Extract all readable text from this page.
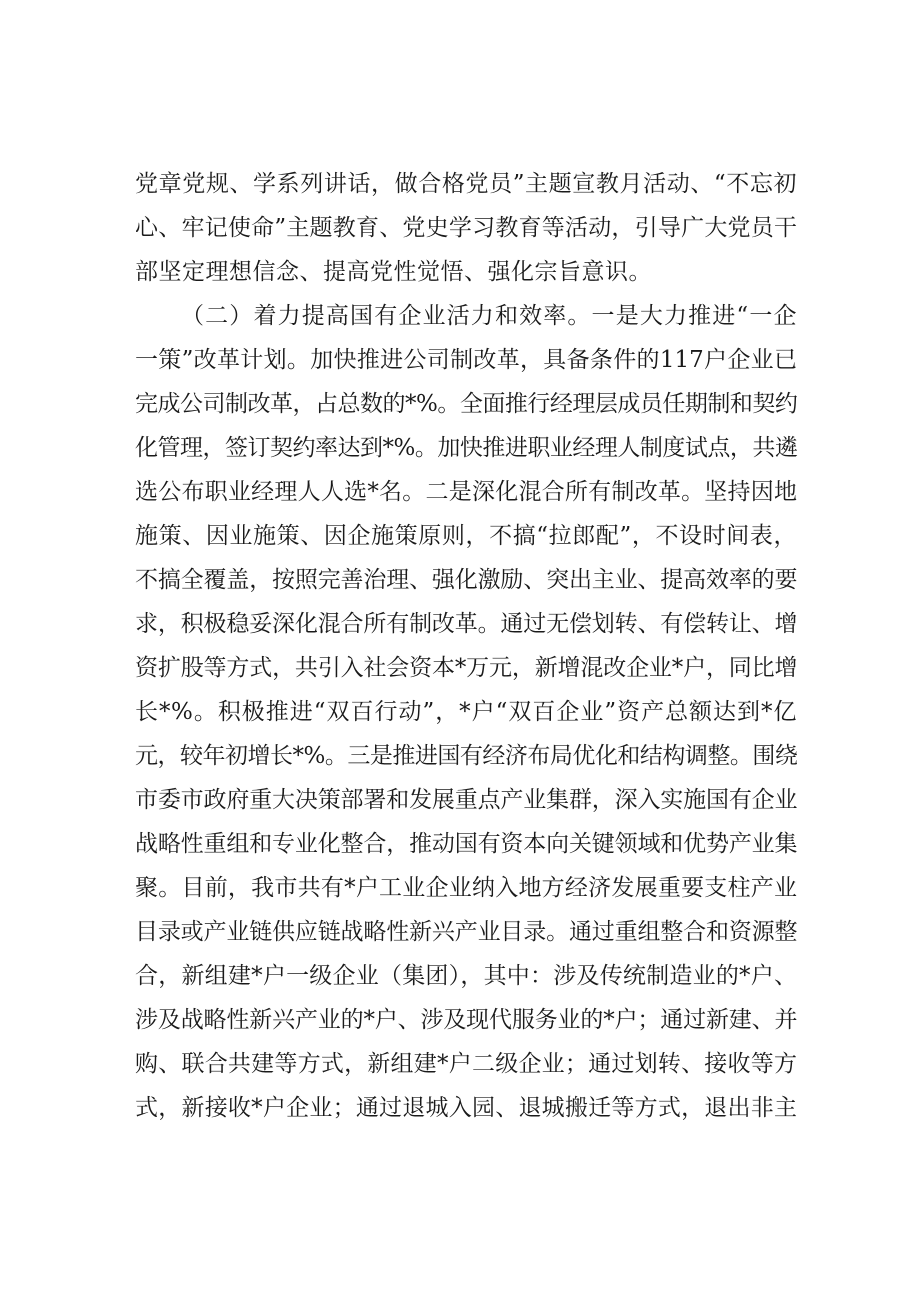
党章党规、学系列讲话，做合格党员”主题宣教月活动、“不忘初
心、牢记使命”主题教育、党史学习教育等活动，引导广大党员干
部坚定理想信念、提高党性觉悟、强化宗旨意识。
（二）着力提高国有企业活力和效率。一是大力推进“一企
一策”改革计划。加快推进公司制改革，具备条件的117户企业已
完成公司制改革，占总数的*%。全面推行经理层成员任期制和契约
化管理，签订契约率达到*%。加快推进职业经理人制度试点，共遴
选公布职业经理人人选*名。二是深化混合所有制改革。坚持因地
施策、因业施策、因企施策原则，不搞“拉郎配”，不设时间表，
不搞全覆盖，按照完善治理、强化激励、突出主业、提高效率的要
求，积极稳妥深化混合所有制改革。通过无偿划转、有偿转让、增
资扩股等方式，共引入社会资本*万元，新增混改企业*户，同比增
长*%。积极推进“双百行动”，*户“双百企业”资产总额达到*亿
元，较年初增长*%。三是推进国有经济布局优化和结构调整。围绕
市委市政府重大决策部署和发展重点产业集群，深入实施国有企业
战略性重组和专业化整合，推动国有资本向关键领域和优势产业集
聚。目前，我市共有*户工业企业纳入地方经济发展重要支柱产业
目录或产业链供应链战略性新兴产业目录。通过重组整合和资源整
合，新组建*户一级企业（集团），其中：涉及传统制造业的*户、
涉及战略性新兴产业的*户、涉及现代服务业的*户；通过新建、并
购、联合共建等方式，新组建*户二级企业；通过划转、接收等方
式，新接收*户企业；通过退城入园、退城搬迁等方式，退出非主
